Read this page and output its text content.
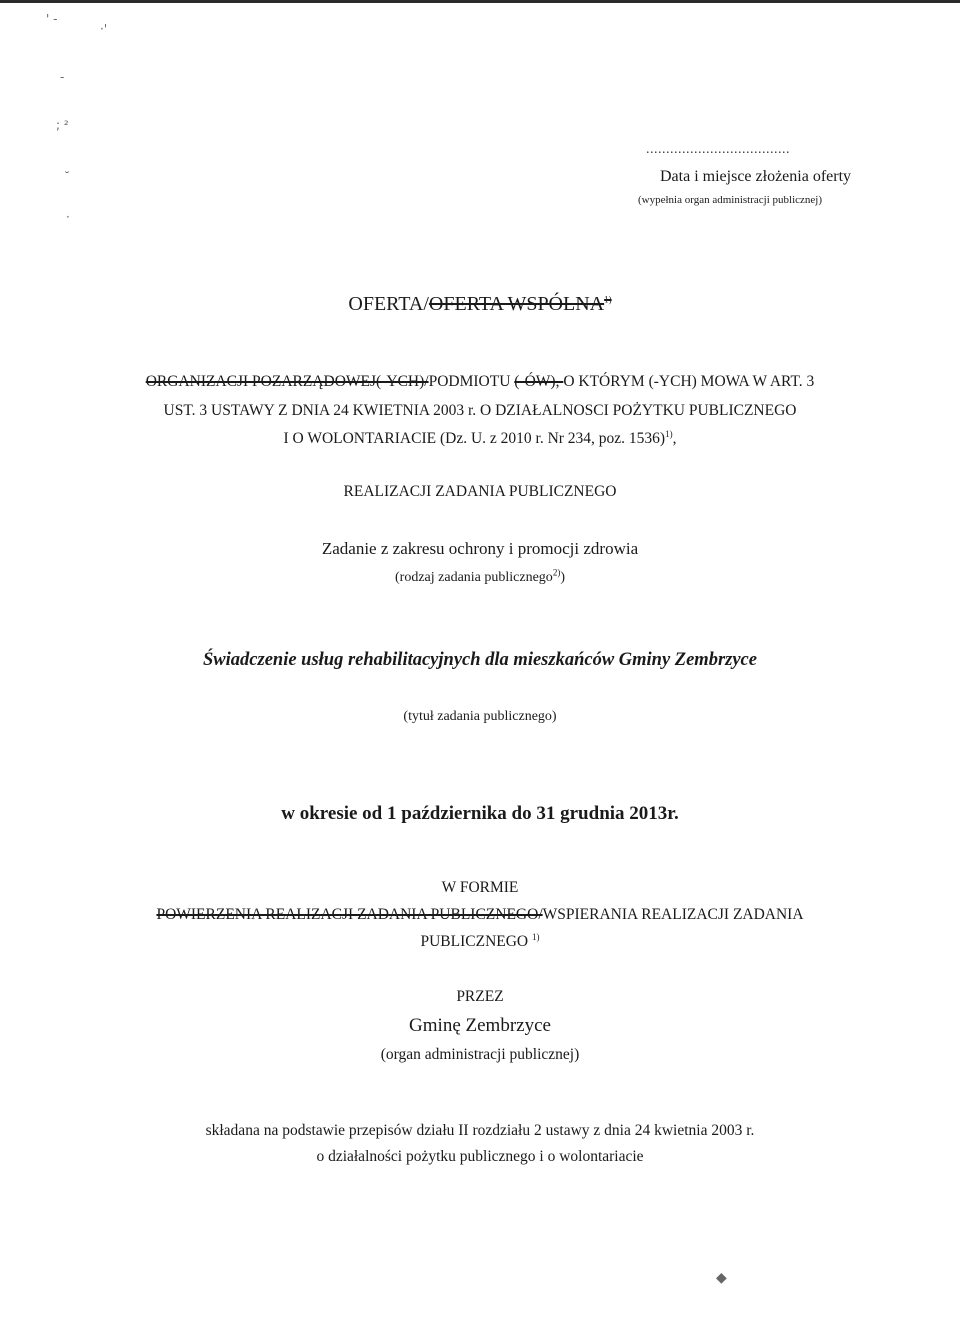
' -
·'
-
; ²
˘
·
◆
....................................
Data i miejsce złożenia oferty
(wypełnia organ administracji publicznej)
OFERTA/OFERTA WSPÓLNA$^{1)}$
ORGANIZACJI POZARZĄDOWEJ(-YCH)/PODMIOTU (-ÓW), O KTÓRYM (-YCH) MOWA W ART. 3
UST. 3 USTAWY Z DNIA 24 KWIETNIA 2003 r. O DZIAŁALNOSCI POŻYTKU PUBLICZNEGO
I O WOLONTARIACIE (Dz. U. z 2010 r. Nr 234, poz. 1536)$^{1)}$,
REALIZACJI ZADANIA PUBLICZNEGO
Zadanie z zakresu ochrony i promocji zdrowia
(rodzaj zadania publicznego$^{2)}$)
Świadczenie usług rehabilitacyjnych dla mieszkańców Gminy Zembrzyce
(tytuł zadania publicznego)
w okresie od 1 października do 31 grudnia 2013r.
W FORMIE
POWIERZENIA REALIZACJI ZADANIA PUBLICZNEGO/WSPIERANIA REALIZACJI ZADANIA
PUBLICZNEGO $^{1)}$
PRZEZ
Gminę Zembrzyce
(organ administracji publicznej)
składana na podstawie przepisów działu II rozdziału 2 ustawy z dnia 24 kwietnia 2003 r.
o działalności pożytku publicznego i o wolontariacie
